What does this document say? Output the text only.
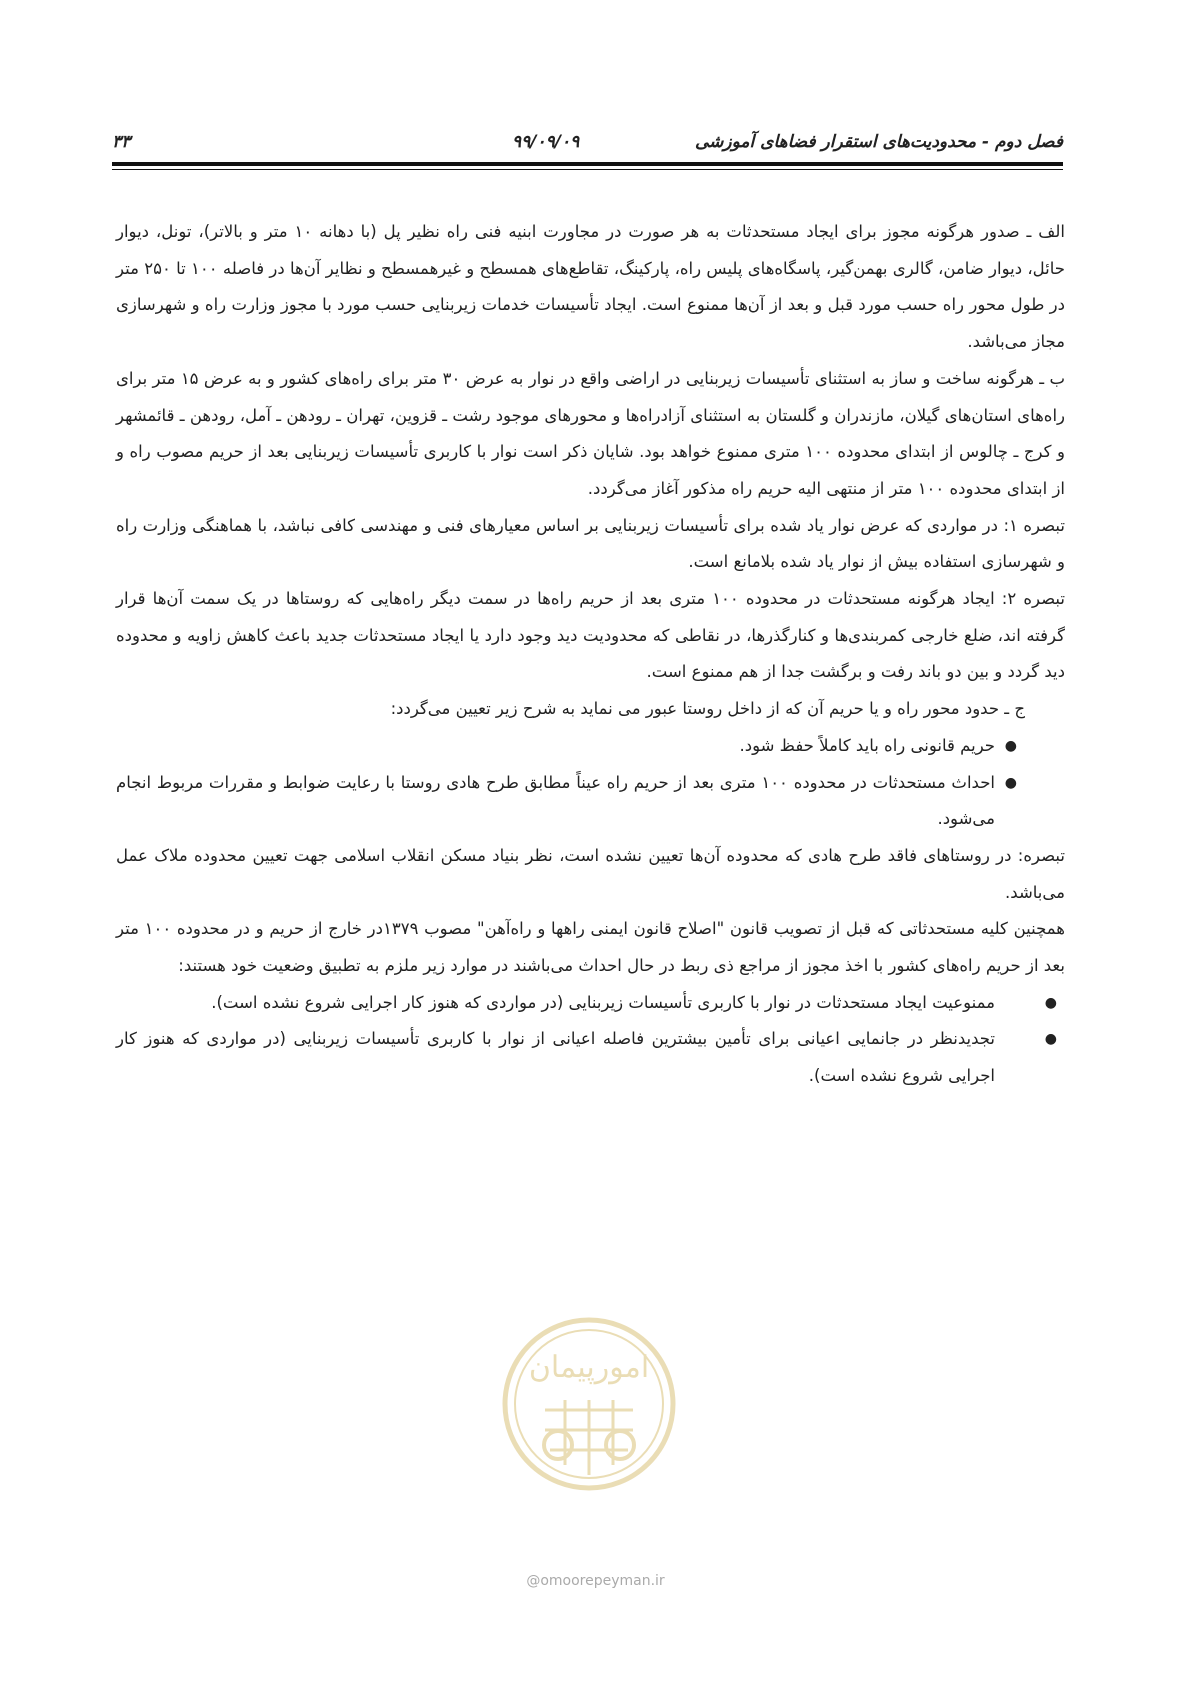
فصل دوم - محدودیت‌های استقرار فضاهای آموزشی
۹۹/۰۹/۰۹
۳۳

الف ـ صدور هرگونه مجوز برای ایجاد مستحدثات به هر صورت در مجاورت ابنیه فنی راه نظیر پل (با دهانه ۱۰ متر و بالاتر)، تونل، دیوار حائل، دیوار ضامن، گالری بهمن‌گیر، پاسگاه‌های پلیس راه، پارکینگ، تقاطع‌های همسطح و غیرهمسطح و نظایر آن‌ها در فاصله ۱۰۰ تا ۲۵۰ متر در طول محور راه حسب مورد قبل و بعد از آن‌ها ممنوع است. ایجاد تأسیسات خدمات زیربنایی حسب مورد با مجوز وزارت راه و شهرسازی مجاز می‌باشد.

ب ـ هرگونه ساخت و ساز به استثنای تأسیسات زیربنایی در اراضی واقع در نوار به عرض ۳۰ متر برای راه‌های کشور و به عرض ۱۵ متر برای راه‌های استان‌های گیلان، مازندران و گلستان به استثنای آزادراه‌ها و محورهای موجود رشت ـ قزوین، تهران ـ رودهن ـ آمل، رودهن ـ قائمشهر و کرج ـ چالوس از ابتدای محدوده ۱۰۰ متری ممنوع خواهد بود. شایان ذکر است نوار با کاربری تأسیسات زیربنایی بعد از حریم مصوب راه و از ابتدای محدوده ۱۰۰ متر از منتهی الیه حریم راه مذکور آغاز می‌گردد.

تبصره ۱: در مواردی که عرض نوار یاد شده برای تأسیسات زیربنایی بر اساس معیارهای فنی و مهندسی کافی نباشد، با هماهنگی وزارت راه و شهرسازی استفاده بیش از نوار یاد شده بلامانع است.

تبصره ۲: ایجاد هرگونه مستحدثات در محدوده ۱۰۰ متری بعد از حریم راه‌ها در سمت دیگر راه‌هایی که روستاها در یک سمت آن‌ها قرار گرفته اند، ضلع خارجی کمربندی‌ها و کنارگذرها، در نقاطی که محدودیت دید وجود دارد یا ایجاد مستحدثات جدید باعث کاهش زاویه و محدوده دید گردد و بین دو باند رفت و برگشت جدا از هم ممنوع است.

ج ـ حدود محور راه و یا حریم آن که از داخل روستا عبور می نماید به شرح زیر تعیین می‌گردد:

●
حریم قانونی راه باید کاملاً حفظ شود.
●
احداث مستحدثات در محدوده ۱۰۰ متری بعد از حریم راه عیناً مطابق طرح هادی روستا با رعایت ضوابط و مقررات مربوط انجام می‌شود.

تبصره: در روستاهای فاقد طرح هادی که محدوده آن‌ها تعیین نشده است، نظر بنیاد مسکن انقلاب اسلامی جهت تعیین محدوده ملاک عمل می‌باشد.

همچنین کلیه مستحدثاتی که قبل از تصویب قانون "اصلاح قانون ایمنی راهها و راه‌آهن" مصوب ۱۳۷۹در خارج از حریم و در محدوده ۱۰۰ متر بعد از حریم راه‌های کشور با اخذ مجوز از مراجع ذی ربط در حال احداث می‌باشند در موارد زیر ملزم به تطبیق وضعیت خود هستند:

●
ممنوعیت ایجاد مستحدثات در نوار با کاربری تأسیسات زیربنایی (در مواردی که هنوز کار اجرایی شروع نشده است).
●
تجدیدنظر در جانمایی اعیانی برای تأمین بیشترین فاصله اعیانی از نوار با کاربری تأسیسات زیربنایی (در مواردی که هنوز کار اجرایی شروع نشده است).
امورپیمان
@omoorepeyman.ir
